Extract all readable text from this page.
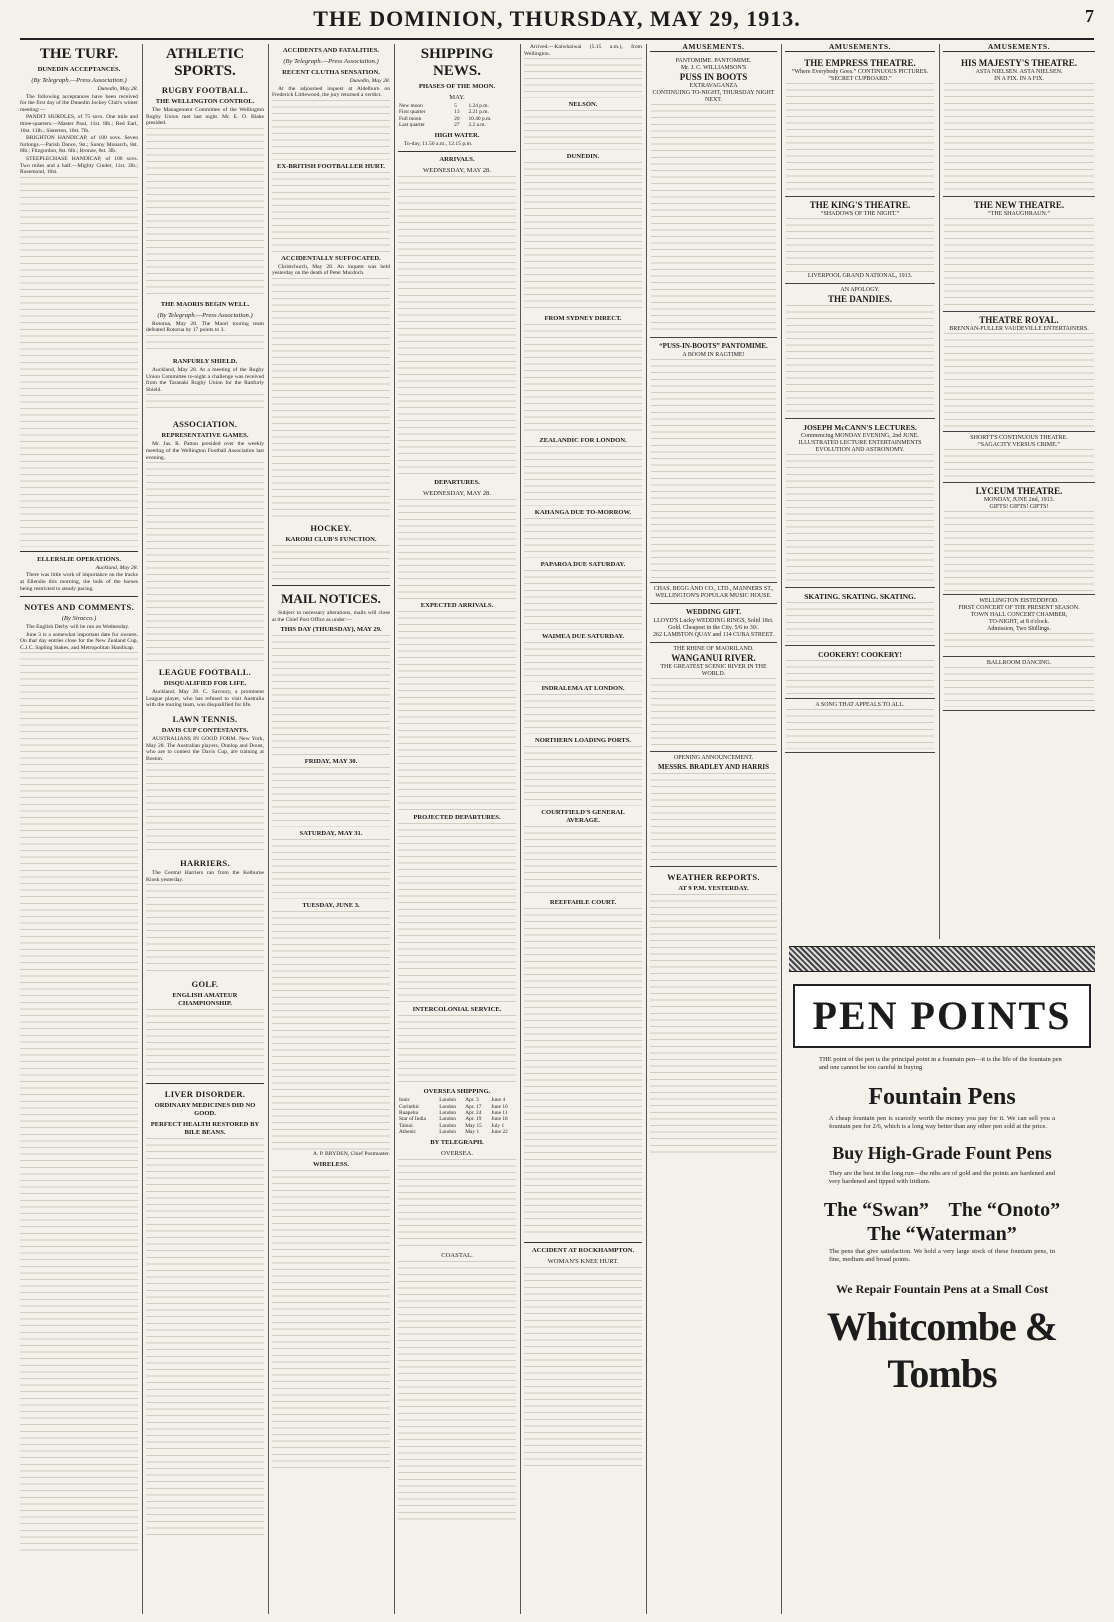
THE DOMINION, THURSDAY, MAY 29, 1913.	7
THE TURF.
DUNEDIN ACCEPTANCES.
(By Telegraph.—Press Association.)

Dunedin, May 28.

The following acceptances have been received for the first day of the Dunedin Jockey Club's winter meeting:—

PANDIT HURDLES, of 75 sovs. One mile and three-quarters.—Master Paul, 11st. 8lb.; Red Earl, 10st. 11lb.; Sisterton, 10st. 7lb.

BRIGHTON HANDICAP, of 100 sovs. Seven furlongs.—Parish Dance, 9st.; Sunny Monarch, 8st. 8lb.; Fitzgordon, 8st. 6lb.; Bronze, 8st. 3lb.

STEEPLECHASE HANDICAP, of 100 sovs. Two miles and a half.—Mighty Cinder, 11st. 3lb.; Rusemond, 10st.

ELLERSLIE OPERATIONS.

Auckland, May 28.

There was little work of importance on the tracks at Ellerslie this morning, the bulk of the horses being restricted to steady pacing.

NOTES AND COMMENTS.
(By Sirocco.)

The English Derby will be run on Wednesday.

June 3 is a somewhat important date for owners. On that day entries close for the New Zealand Cup, C.J.C. Sapling Stakes, and Metropolitan Handicap.

ATHLETIC SPORTS.
RUGBY FOOTBALL.
THE WELLINGTON CONTROL.

The Management Committee of the Wellington Rugby Union met last night. Mr. E. O. Blake presided.

THE MAORIS BEGIN WELL.
(By Telegraph.—Press Association.)

Rotorua, May 28. The Maori touring team defeated Rotorua by 17 points to 3.

RANFURLY SHIELD.

Auckland, May 28. At a meeting of the Rugby Union Committee to-night a challenge was received from the Taranaki Rugby Union for the Ranfurly Shield.

ASSOCIATION.
REPRESENTATIVE GAMES.

Mr. Jas. R. Patton presided over the weekly meeting of the Wellington Football Association last evening.

LEAGUE FOOTBALL.
DISQUALIFIED FOR LIFE.

Auckland, May 28. C. Savoury, a prominent League player, who has refused to visit Australia with the touring team, was disqualified for life.

LAWN TENNIS.
DAVIS CUP CONTESTANTS.

AUSTRALIANS IN GOOD FORM. New York, May 28. The Australian players, Dunlop and Doust, who are to contest the Davis Cup, are training at Boston.

HARRIERS.

The Central Harriers ran from the Kelburne Kiosk yesterday.

GOLF.
ENGLISH AMATEUR CHAMPIONSHIP.
LIVER DISORDER.
ORDINARY MEDICINES DID NO GOOD.
PERFECT HEALTH RESTORED BY BILE BEANS.
ACCIDENTS AND FATALITIES.
(By Telegraph.—Press Association.)
RECENT CLUTHA SENSATION.

Dunedin, May 28.

At the adjourned inquest at Aldelburn on Frederick Littlewood, the jury returned a verdict.

EX-BRITISH FOOTBALLER HURT.
ACCIDENTALLY SUFFOCATED.

Christchurch, May 28. An inquest was held yesterday on the death of Peter Murdoch.

HOCKEY.
KARORI CLUB'S FUNCTION.
MAIL NOTICES.

Subject to necessary alterations, mails will close at the Chief Post Office as under:—

THIS DAY (THURSDAY), MAY 29.
FRIDAY, MAY 30.
SATURDAY, MAY 31.
TUESDAY, JUNE 3.

A. P. BRYDEN, Chief Postmaster.

WIRELESS.
SHIPPING NEWS.
PHASES OF THE MOON.
MAY.
New moon	5	1.24 p.m.
First quarter	13	2.21 p.m.
Full moon	20	10.40 p.m.
Last quarter	27	2.2 a.m.
HIGH WATER.

To-day, 11.50 a.m., 12.15 p.m.

ARRIVALS.
WEDNESDAY, MAY 28.
DEPARTURES.
WEDNESDAY, MAY 28.
EXPECTED ARRIVALS.
PROJECTED DEPARTURES.
INTERCOLONIAL SERVICE.
OVERSEA SHIPPING.
Ionic	London	Apr. 3	June 4
Corinthic	London	Apr. 17	June 10
Ruapehu	London	Apr. 24	June 11
Star of India	London	Apr. 19	June 18
Tainui	London	May 15	July 1
Athenic	London	May 1	June 22
BY TELEGRAPH.
OVERSEA.
COASTAL.

Arrived.—Kaiwhaiwai (5.15 a.m.), from Wellington.

NELSON.
DUNEDIN.
FROM SYDNEY DIRECT.
ZEALANDIC FOR LONDON.
KAHANGA DUE TO-MORROW.
PAPAROA DUE SATURDAY.
WAIMEA DUE SATURDAY.
INDRALEMA AT LONDON.
NORTHERN LOADING PORTS.
COURTFIELD'S GENERAL AVERAGE.
REEFFAHLE COURT.
ACCIDENT AT ROCKHAMPTON.
WOMAN'S KNEE HURT.
AMUSEMENTS.
PANTOMIME. PANTOMIME.
Mr. J. C. WILLIAMSON'S
PUSS IN BOOTS
EXTRAVAGANZA
CONTINUING TO-NIGHT, THURSDAY NIGHT NEXT.
“PUSS-IN-BOOTS” PANTOMIME.
A BOOM IN RAGTIME!
CHAS. BEGG AND CO., LTD., MANNERS ST., WELLINGTON'S POPULAR MUSIC HOUSE.
WEDDING GIFT.
LLOYD'S Lucky WEDDING RINGS, Solid 18ct. Gold. Cheapest in the City. 5/6 to 30/.
262 LAMBTON QUAY and 114 CUBA STREET.
THE RHINE OF MAORILAND.
WANGANUI RIVER.
THE GREATEST SCENIC RIVER IN THE WORLD.
OPENING ANNOUNCEMENT.
MESSRS. BRADLEY AND HARRIS
WEATHER REPORTS.
AT 9 P.M. YESTERDAY.
AMUSEMENTS.
THE EMPRESS THEATRE.
“Where Everybody Goes.” CONTINUOUS PICTURES.
“SECRET CUPBOARD.”
THE KING'S THEATRE.
“SHADOWS OF THE NIGHT.”
LIVERPOOL GRAND NATIONAL, 1913.
AN APOLOGY.
THE DANDIES.
JOSEPH McCANN'S LECTURES.
Commencing MONDAY EVENING, 2nd JUNE.
ILLUSTRATED LECTURE ENTERTAINMENTS
EVOLUTION AND ASTRONOMY.
SKATING. SKATING. SKATING.
COOKERY! COOKERY!
A SONG THAT APPEALS TO ALL.
AMUSEMENTS.
HIS MAJESTY'S THEATRE.
ASTA NIELSEN. ASTA NIELSEN.
IN A FIX. IN A FIX.
THE NEW THEATRE.
“THE SHAUGHRAUN.”
THEATRE ROYAL.
BRENNAN-FULLER VAUDEVILLE ENTERTAINERS.
SHORTT'S CONTINUOUS THEATRE.
“SAGACITY VERSUS CRIME.”
LYCEUM THEATRE.
MONDAY, JUNE 2nd, 1913.
GIFTS! GIFTS! GIFTS!
WELLINGTON EISTEDDFOD.
FIRST CONCERT OF THE PRESENT SEASON.
TOWN HALL CONCERT CHAMBER,
TO-NIGHT, at 8 o'clock.
Admission, Two Shillings.
BALLROOM DANCING.
PEN POINTS
THE point of the pen is the principal point in a fountain pen—it is the life of the fountain pen and one cannot be too careful in buying
Fountain Pens
A cheap fountain pen is scarcely worth the money you pay for it. We can sell you a fountain pen for 2/6, which is a long way better than any other pen sold at the price.
Buy High-Grade Fount Pens
They are the best in the long run—the nibs are of gold and the points are hardened and very hardened and tipped with iridium.
The “Swan” The “Onoto”
The “Waterman”
The pens that give satisfaction. We hold a very large stock of these fountain pens, in fine, medium and broad points.
We Repair Fountain Pens at a Small Cost
Whitcombe & Tombs
